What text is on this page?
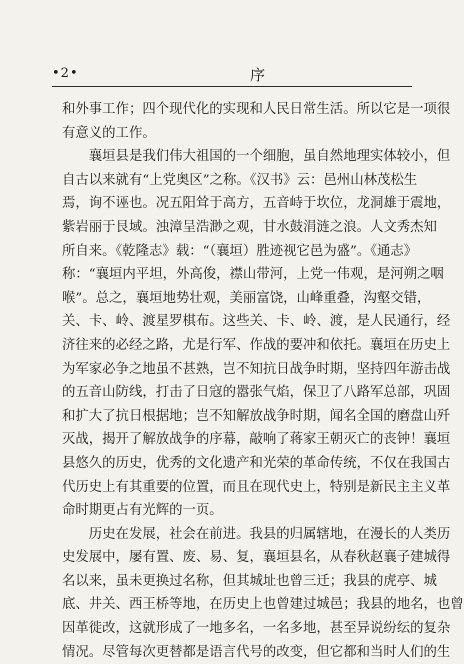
•2•	序
和外事工作；四个现代化的实现和人民日常生活。所以它是一项很
有意义的工作。
　　襄垣县是我们伟大祖国的一个细胞，虽自然地理实体较小，但
自古以来就有“上党奥区”之称。《汉书》云：邑州山林茂松生
焉，询不诬也。况五阳耸于高方，五音峙于坎位，龙洞雄于震地，
紫岩丽于艮域。浊漳呈浩渺之观，甘水鼓涓涟之浪。人文秀杰知
所自来。《乾隆志》载：“（襄垣）胜迹视它邑为盛”。《通志》
称：“襄垣内平坦，外高俊，襟山带河，上党一伟观，是河朔之咽
喉”。总之，襄垣地势壮观，美丽富饶，山峰重叠，沟壑交错，
关、卡、岭、渡星罗棋布。这些关、卡、岭、渡，是人民通行，经
济往来的必经之路，尤是行军、作战的要冲和依托。襄垣在历史上
为军家必争之地虽不甚熟，岂不知抗日战争时期，坚持四年游击战
的五音山防线，打击了日寇的嚣张气焰，保卫了八路军总部，巩固
和扩大了抗日根据地；岂不知解放战争时期，闻名全国的磨盘山歼
灭战，揭开了解放战争的序幕，敲响了蒋家王朝灭亡的丧钟！襄垣
县悠久的历史，优秀的文化遗产和光荣的革命传统，不仅在我国古
代历史上有其重要的位置，而且在现代史上，特别是新民主主义革
命时期更占有光辉的一页。
　　历史在发展，社会在前进。我县的归属辖地，在漫长的人类历
史发展中，屡有置、废、易、复，襄垣县名，从春秋赵襄子建城得
名以来，虽未更换过名称，但其城址也曾三迁；我县的虎亭、城
底、井关、西王桥等地，在历史上也曾建过城邑；我县的地名，也曾
因革徙改，这就形成了一地多名，一名多地，甚至异说纷纭的复杂
情况。尽管每次更替都是语言代号的改变，但它都和当时人们的生
